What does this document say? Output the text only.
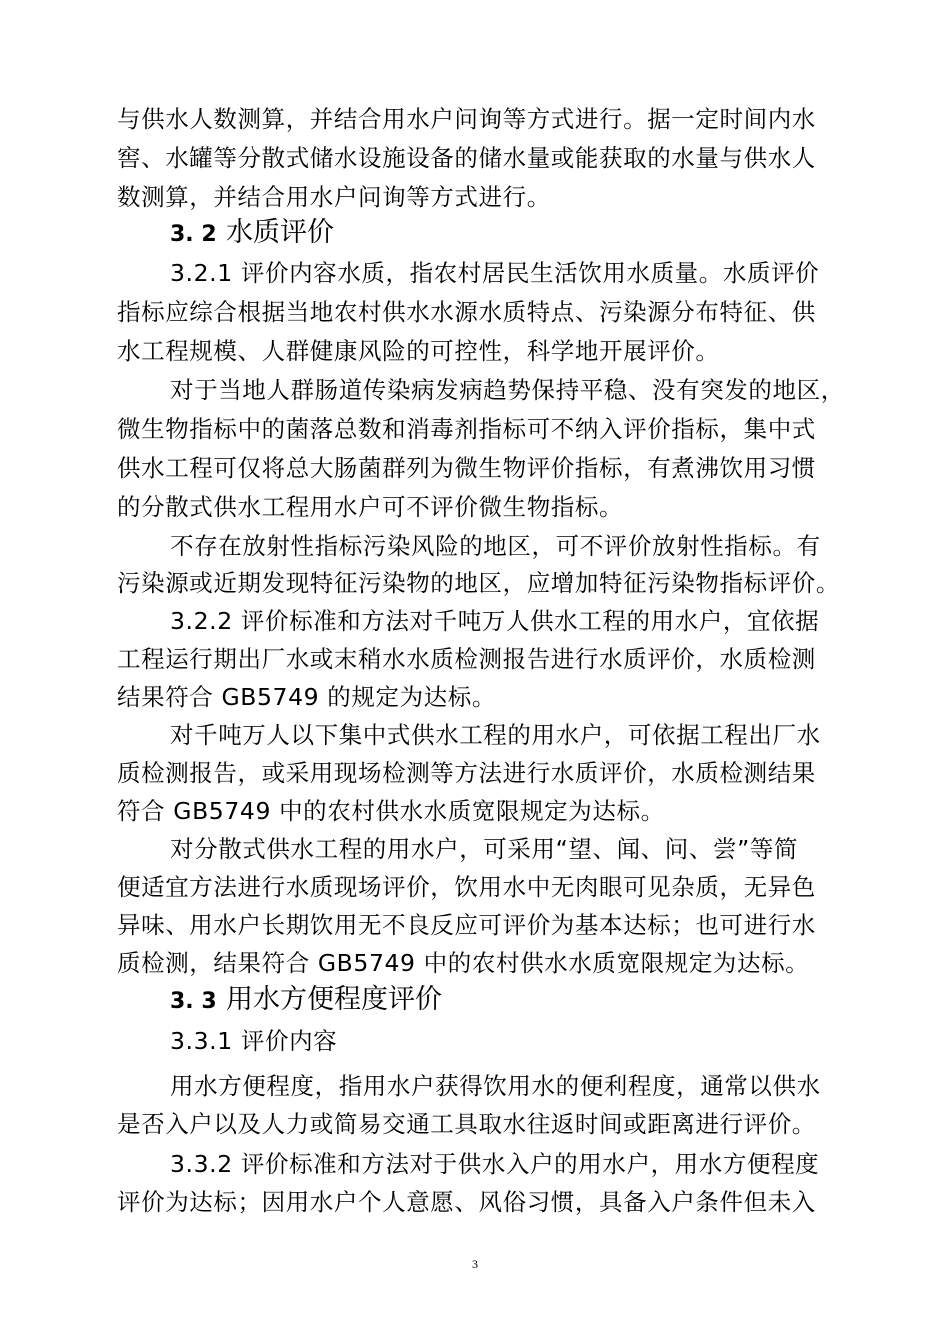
与供水人数测算，并结合用水户问询等方式进行。据一定时间内水
窖、水罐等分散式储水设施设备的储水量或能获取的水量与供水人
数测算，并结合用水户问询等方式进行。
3. 2 水质评价
3.2.1 评价内容水质，指农村居民生活饮用水质量。水质评价
指标应综合根据当地农村供水水源水质特点、污染源分布特征、供
水工程规模、人群健康风险的可控性，科学地开展评价。
对于当地人群肠道传染病发病趋势保持平稳、没有突发的地区，
微生物指标中的菌落总数和消毒剂指标可不纳入评价指标，集中式
供水工程可仅将总大肠菌群列为微生物评价指标，有煮沸饮用习惯
的分散式供水工程用水户可不评价微生物指标。
不存在放射性指标污染风险的地区，可不评价放射性指标。有
污染源或近期发现特征污染物的地区，应增加特征污染物指标评价。
3.2.2 评价标准和方法对千吨万人供水工程的用水户，宜依据
工程运行期出厂水或末稍水水质检测报告进行水质评价，水质检测
结果符合 GB5749 的规定为达标。
对千吨万人以下集中式供水工程的用水户，可依据工程出厂水
质检测报告，或采用现场检测等方法进行水质评价，水质检测结果
符合 GB5749 中的农村供水水质宽限规定为达标。
对分散式供水工程的用水户，可采用“望、闻、问、尝”等简
便适宜方法进行水质现场评价，饮用水中无肉眼可见杂质，无异色
异味、用水户长期饮用无不良反应可评价为基本达标；也可进行水
质检测，结果符合 GB5749 中的农村供水水质宽限规定为达标。
3. 3 用水方便程度评价
3.3.1 评价内容
用水方便程度，指用水户获得饮用水的便利程度，通常以供水
是否入户以及人力或简易交通工具取水往返时间或距离进行评价。
3.3.2 评价标准和方法对于供水入户的用水户，用水方便程度
评价为达标；因用水户个人意愿、风俗习惯，具备入户条件但未入
3
